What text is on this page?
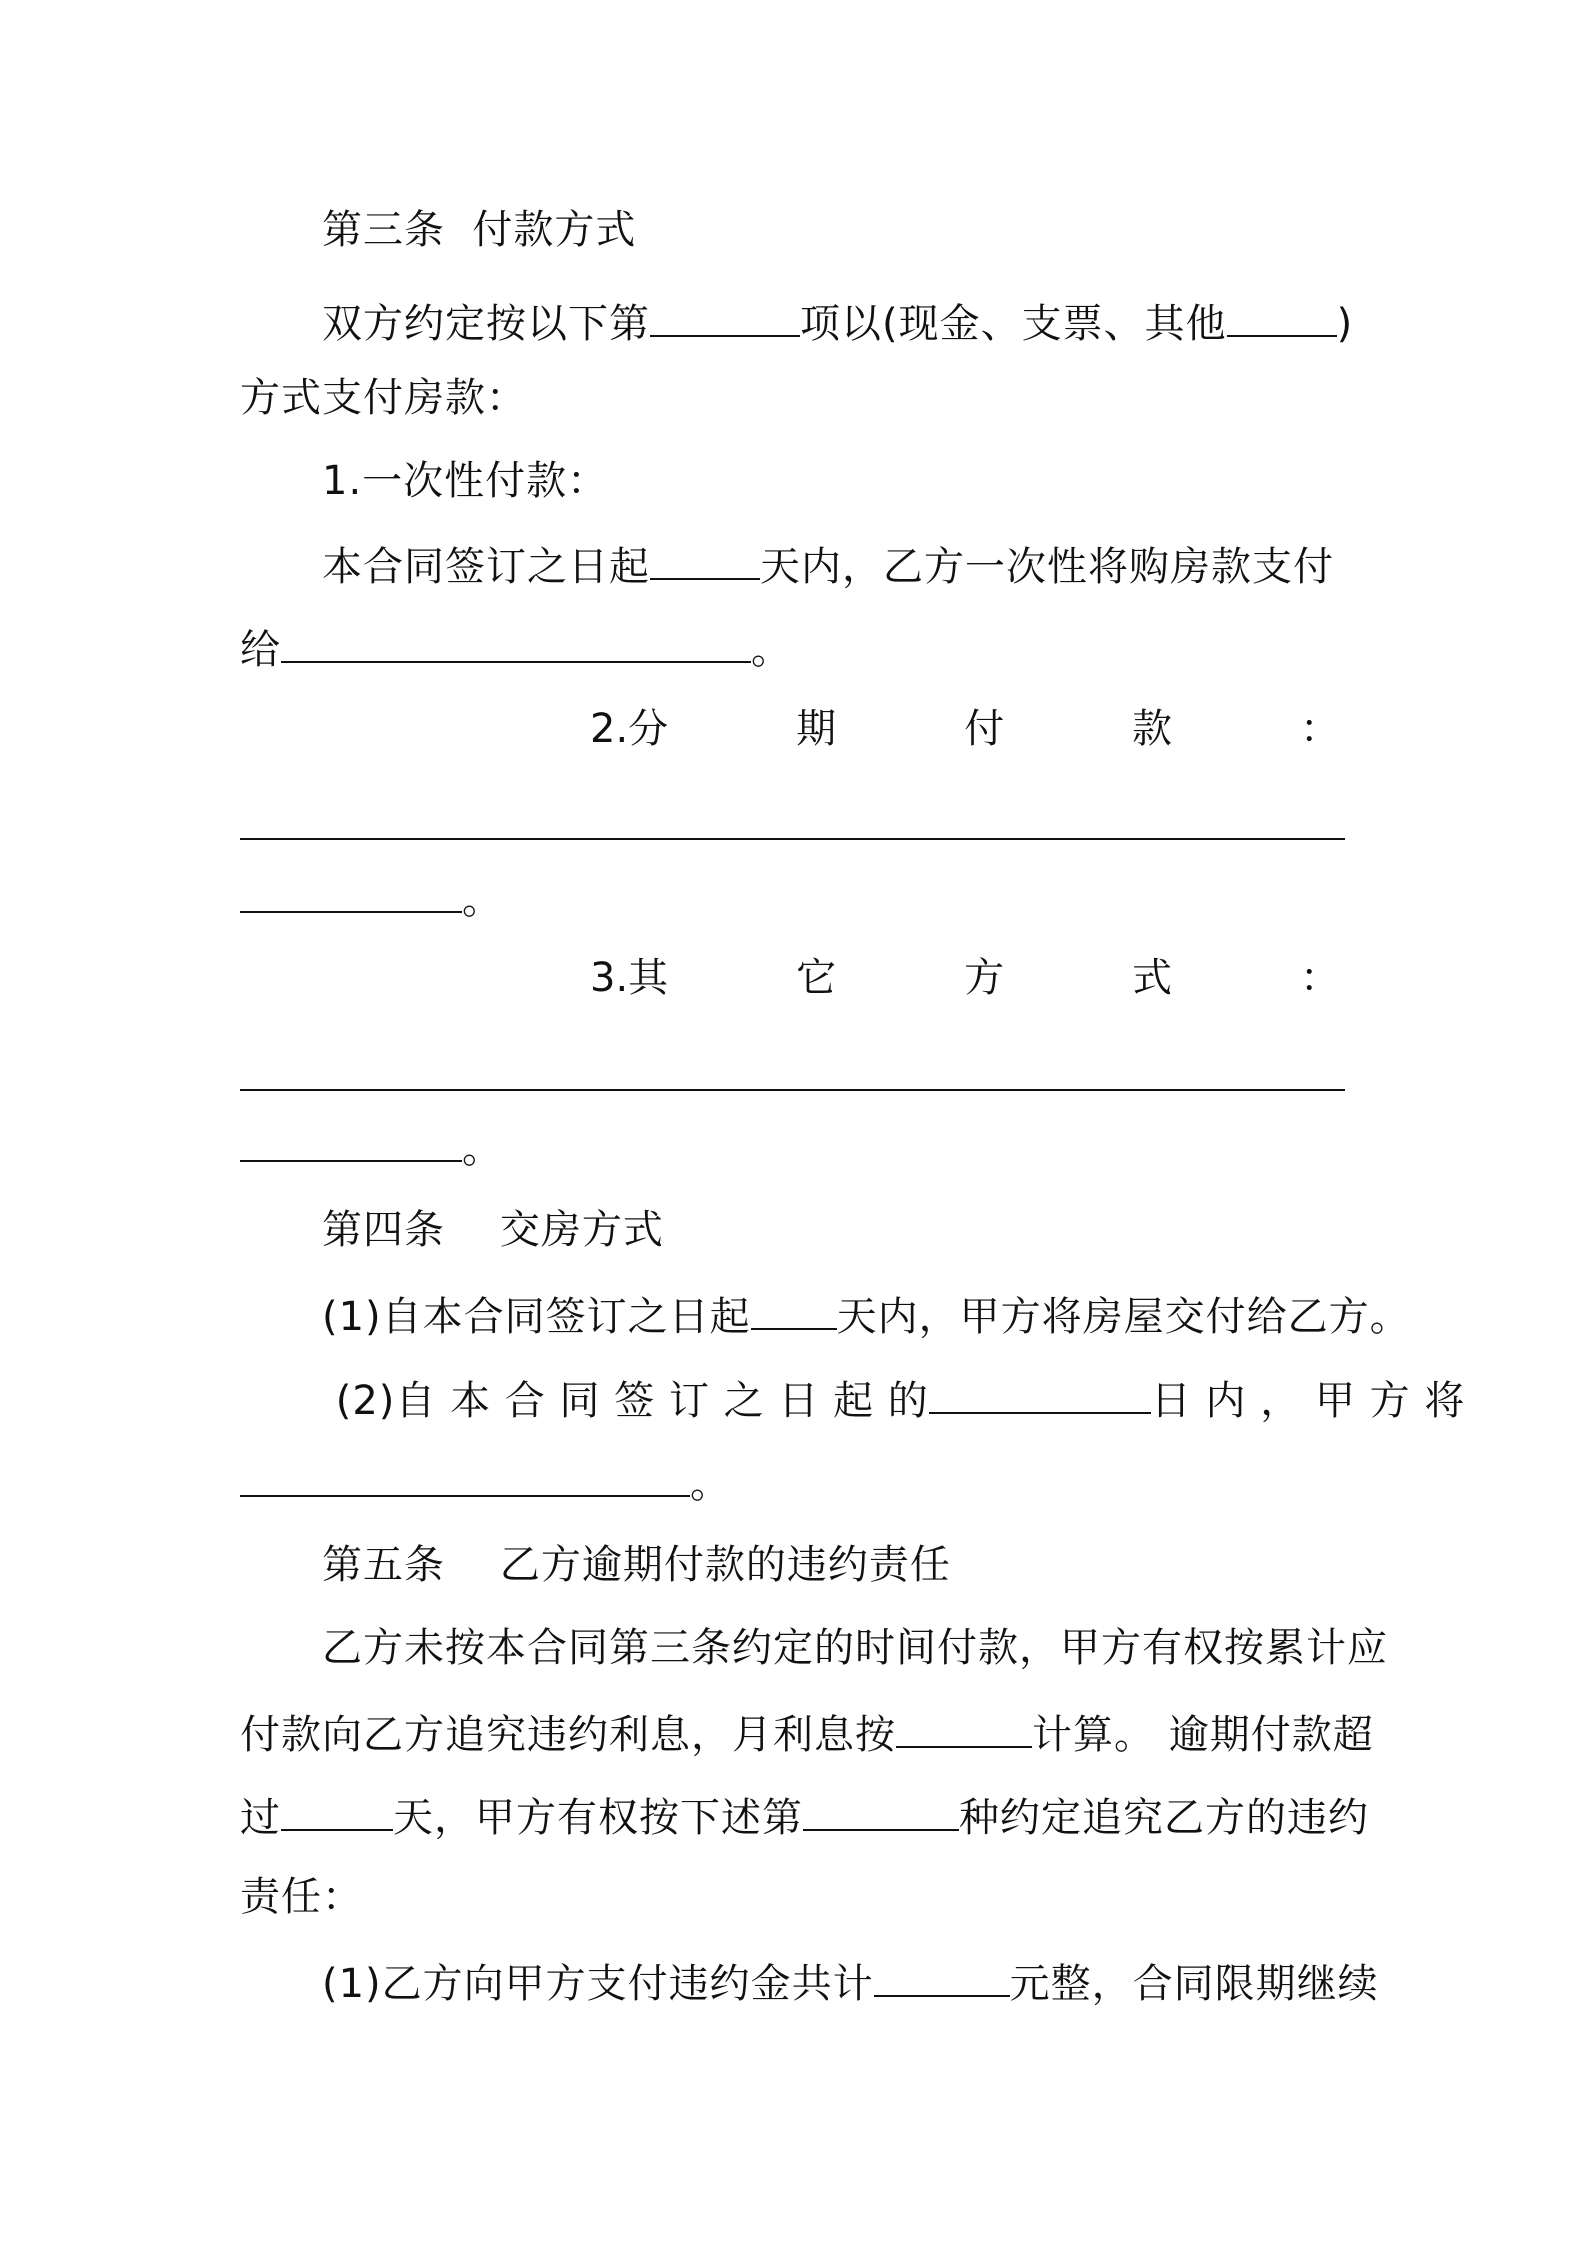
第三条  付款方式
双方约定按以下第	项以(现金、支票、其他	)
方式支付房款：
1.一次性付款：
本合同签订之日起	天内，乙方一次性将购房款支付
给	。
2.分	期	付	款	：
。
3.其	它	方	式	：
。
第四条    交房方式
(1)自本合同签订之日起 天内，甲方将房屋交付给乙方。
(2)自 本 合 同 签 订 之 日 起 的	日 内 ， 甲 方 将
。
第五条    乙方逾期付款的违约责任
乙方未按本合同第三条约定的时间付款，甲方有权按累计应
付款向乙方追究违约利息，月利息按	计算。 逾期付款超
过	天，甲方有权按下述第	种约定追究乙方的违约
责任：
(1)乙方向甲方支付违约金共计	元整，合同限期继续
